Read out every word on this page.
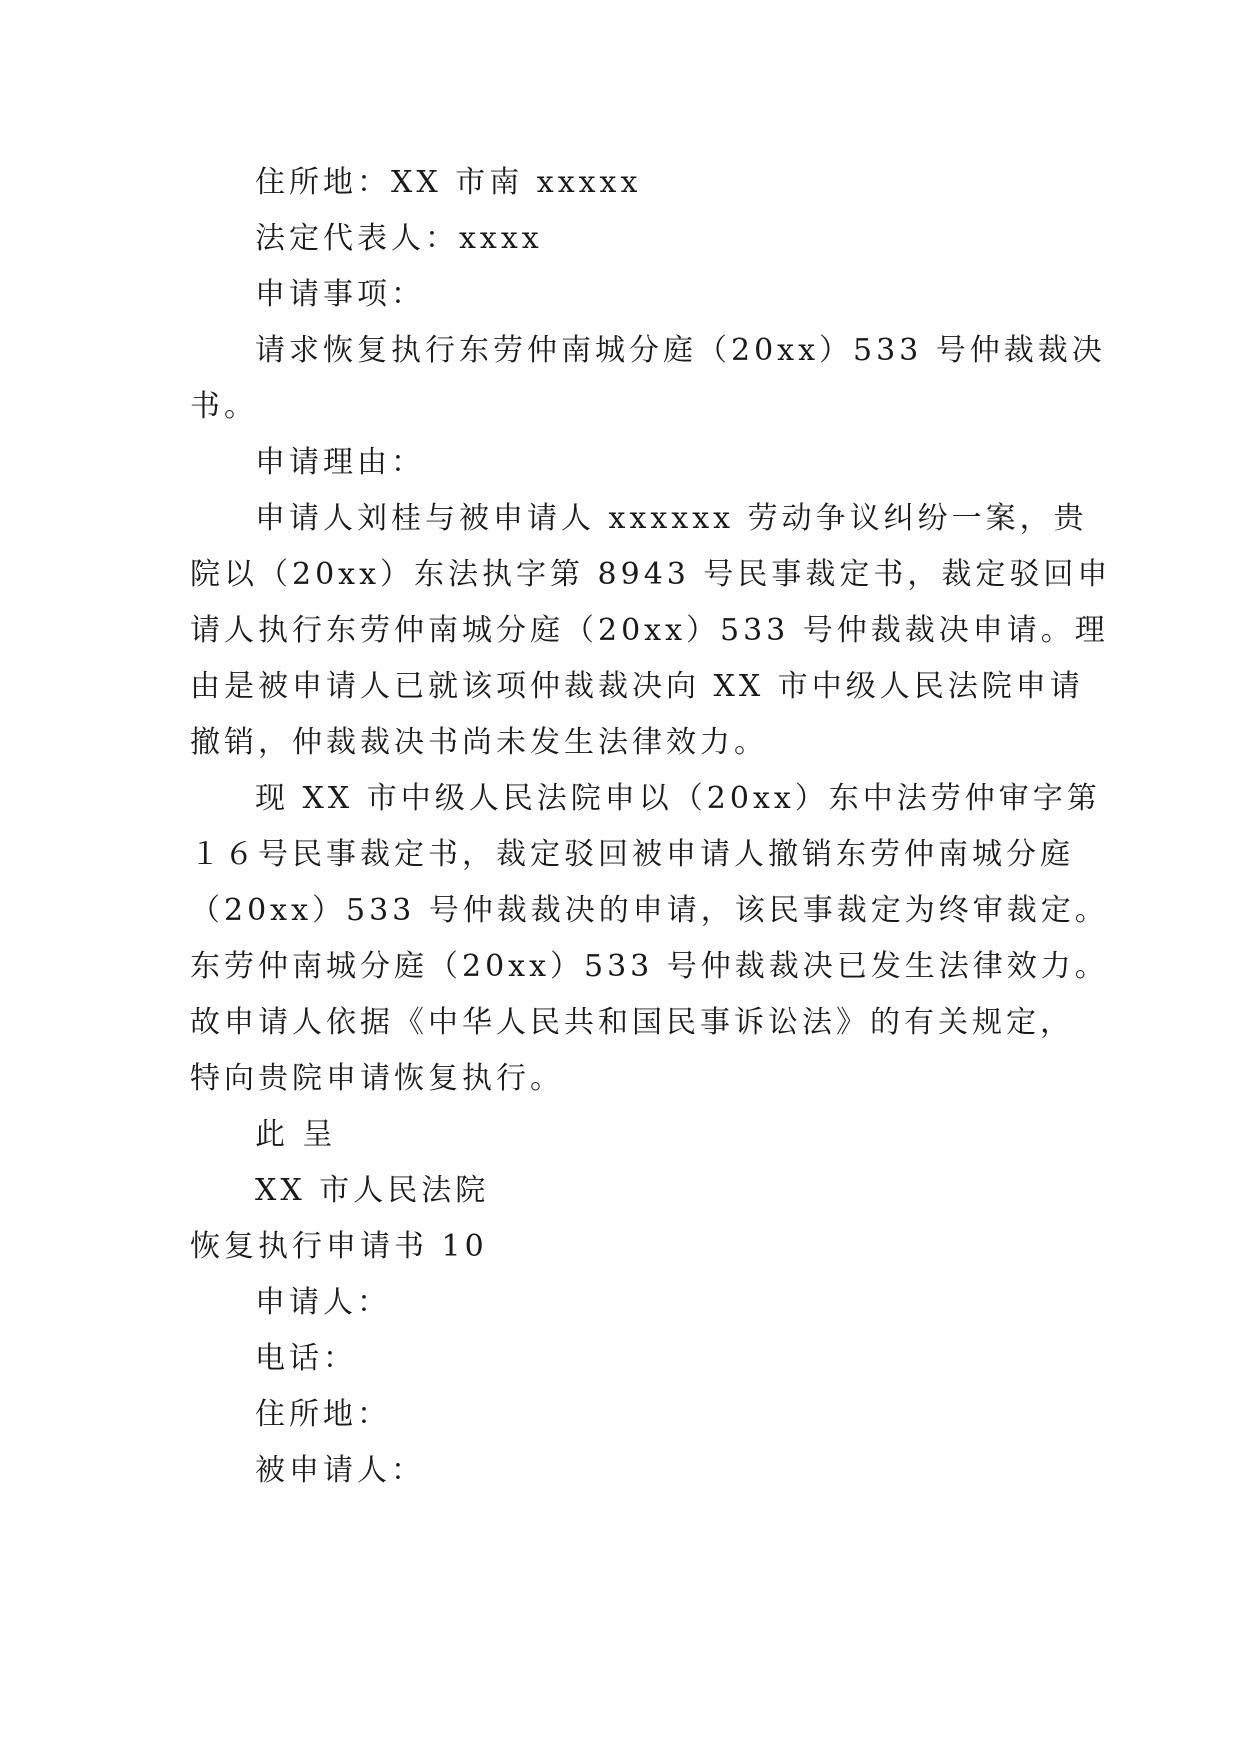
住所地：XX 市南 xxxxx
法定代表人：xxxx
申请事项：
请求恢复执行东劳仲南城分庭（20xx）533 号仲裁裁决
书。
申请理由：
申请人刘桂与被申请人 xxxxxx 劳动争议纠纷一案，贵
院以（20xx）东法执字第 8943 号民事裁定书，裁定驳回申
请人执行东劳仲南城分庭（20xx）533 号仲裁裁决申请。理
由是被申请人已就该项仲裁裁决向 XX 市中级人民法院申请
撤销，仲裁裁决书尚未发生法律效力。
现 XX 市中级人民法院申以（20xx）东中法劳仲审字第
１６号民事裁定书，裁定驳回被申请人撤销东劳仲南城分庭
（20xx）533 号仲裁裁决的申请，该民事裁定为终审裁定。
东劳仲南城分庭（20xx）533 号仲裁裁决已发生法律效力。
故申请人依据《中华人民共和国民事诉讼法》的有关规定，
特向贵院申请恢复执行。
此 呈
XX 市人民法院
恢复执行申请书 10
申请人：
电话：
住所地：
被申请人：
